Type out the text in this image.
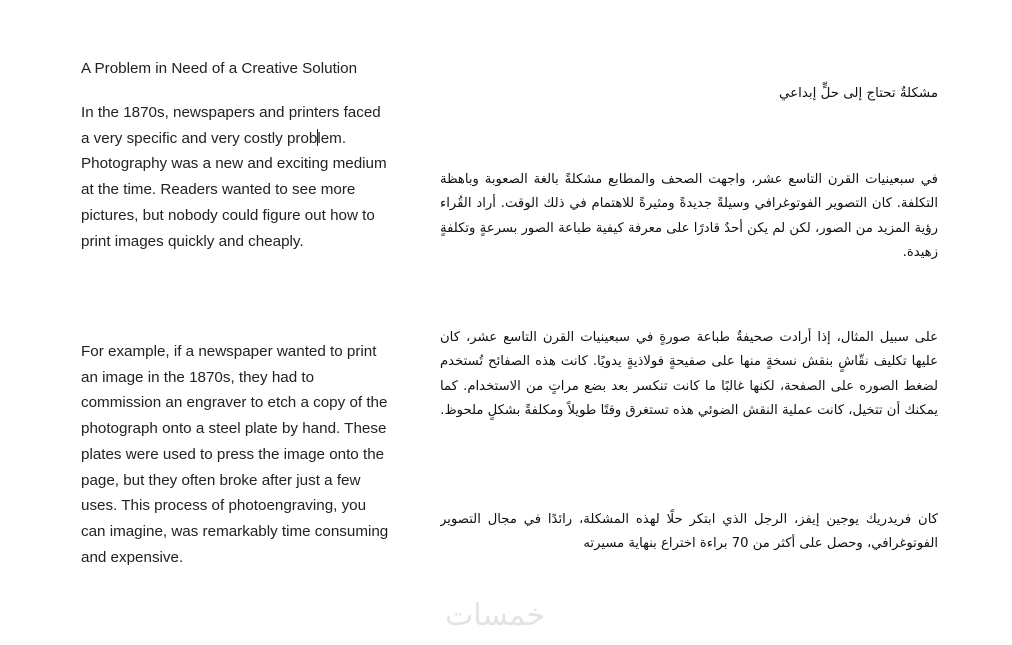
A Problem in Need of a Creative Solution
In the 1870s, newspapers and printers faced a very specific and very costly problem. Photography was a new and exciting medium at the time. Readers wanted to see more pictures, but nobody could figure out how to print images quickly and cheaply.
For example, if a newspaper wanted to print an image in the 1870s, they had to commission an engraver to etch a copy of the photograph onto a steel plate by hand. These plates were used to press the image onto the page, but they often broke after just a few uses. This process of photoengraving, you can imagine, was remarkably time consuming and expensive.
مشكلةٌ تحتاج إلى حلٍّ إبداعي
في سبعينيات القرن التاسع عشر، واجهت الصحف والمطابع مشكلةً بالغة الصعوبة وباهظة التكلفة. كان التصوير الفوتوغرافي وسيلةً جديدةً ومثيرةً للاهتمام في ذلك الوقت. أراد القُراء رؤية المزيد من الصور، لكن لم يكن أحدٌ قادرًا على معرفة كيفية طباعة الصور بسرعةٍ وتكلفةٍ زهيدة.
على سبيل المثال، إذا أرادت صحيفةٌ طباعة صورةٍ في سبعينيات القرن التاسع عشر، كان عليها تكليف نقّاشٍ بنقش نسخةٍ منها على صفيحةٍ فولاذيةٍ يدويًا. كانت هذه الصفائح تُستخدم لضغط الصوره على الصفحة، لكنها غالبًا ما كانت تنكسر بعد بضع مراتٍ من الاستخدام. كما يمكنك أن تتخيل، كانت عملية النقش الضوئي هذه تستغرق وقتًا طويلاً ومكلفةً بشكلٍ ملحوظ.
كان فريدريك يوجين إيفز، الرجل الذي ابتكر حلًا لهذه المشكلة، رائدًا في مجال التصوير الفوتوغرافي، وحصل على أكثر من 70 براءة اختراع بنهاية مسيرته
خمسات
